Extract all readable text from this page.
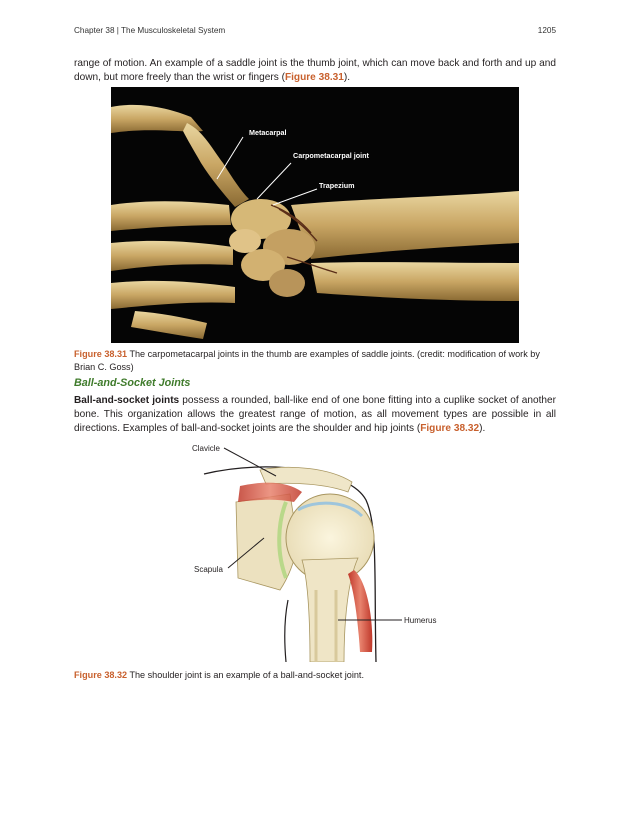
Chapter 38 | The Musculoskeletal System	1205

range of motion. An example of a saddle joint is the thumb joint, which can move back and forth and up and down, but more freely than the wrist or fingers (Figure 38.31).

Metacarpal
Carpometacarpal joint
Trapezium

Figure 38.31 The carpometacarpal joints in the thumb are examples of saddle joints. (credit: modification of work by Brian C. Goss)

Ball-and-Socket Joints

Ball-and-socket joints possess a rounded, ball-like end of one bone fitting into a cuplike socket of another bone. This organization allows the greatest range of motion, as all movement types are possible in all directions. Examples of ball-and-socket joints are the shoulder and hip joints (Figure 38.32).

Clavicle
Scapula
Humerus

Figure 38.32 The shoulder joint is an example of a ball-and-socket joint.
